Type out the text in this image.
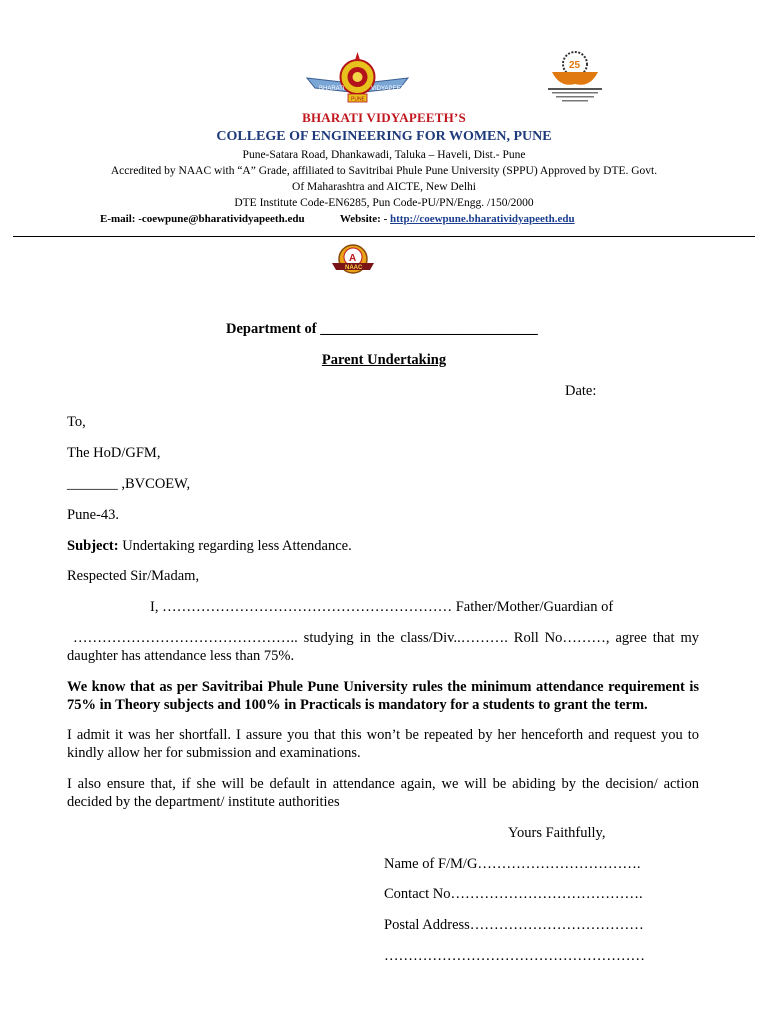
BHARATI	VIDYAPEETH
PUNE
25
BHARATI VIDYAPEETH’S
COLLEGE OF ENGINEERING FOR WOMEN, PUNE
Pune-Satara Road, Dhankawadi, Taluka – Haveli, Dist.- Pune
Accredited by NAAC with “A” Grade, affiliated to Savitribai Phule Pune University (SPPU) Approved by DTE. Govt.
Of Maharashtra and AICTE, New Delhi
DTE Institute Code-EN6285, Pun Code-PU/PN/Engg. /150/2000
E-mail: -coewpune@bharatividyapeeth.edu	Website: - http://coewpune.bharatividyapeeth.edu
A
NAAC
Department of ______________________________
Parent Undertaking
Date:
To,
The HoD/GFM,
_______ ,BVCOEW,
Pune-43.
Subject: Undertaking regarding less Attendance.
Respected Sir/Madam,
I, …………………………………………………… Father/Mother/Guardian of
……………………………………….. studying in the class/Div..………. Roll No………, agree that my daughter has attendance less than 75%.
We know that as per Savitribai Phule Pune University rules the minimum attendance requirement is 75% in Theory subjects and 100% in Practicals is mandatory for a students to grant the term.
I admit it was her shortfall. I assure you that this won’t be repeated by her henceforth and request you to kindly allow her for submission and examinations.
I also ensure that, if she will be default in attendance again, we will be abiding by the decision/ action decided by the department/ institute authorities
Yours Faithfully,
Name of F/M/G…………………………….
Contact No………………………………….
Postal Address………………………………
………………………………………………
